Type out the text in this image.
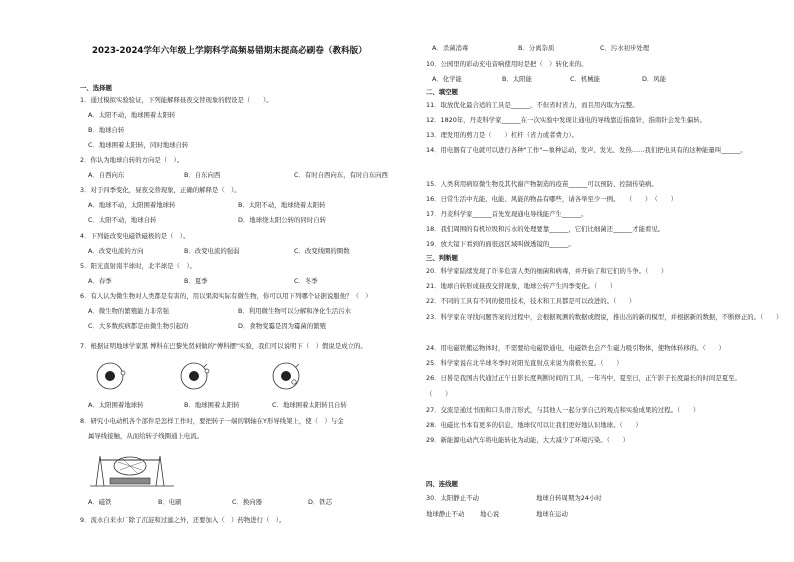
2023-2024学年六年级上学期科学高频易错期末提高必刷卷（教科版）
一、选择题
1．通过模拟实验验证，下列能解释昼夜交替现象的假设是（　　）。
A．太阳不动，地球围着太阳转
B．地球自转
C．地球围着太阳转，同时地球自转
2．你认为地球自转的方向是（　）。
A．自西向东	B．自东向西	C．有时自西向东，有时自东向西
3．对于四季变化，昼夜交替现象，正确的解释是（　）。
A．地球不动，太阳围着地球转	B．太阳不动，地球绕着太阳转
C．太阳不动，地球自转	D．地球绕太阳公转的同时自转
4．下列能改变电磁铁磁极的是（　）。
A．改变电流的方向	B．改变电流的强弱	C．改变线圈的圈数
5．阳光直射南半球时，北半球是（　）。
A．春季	B．夏季	C．冬季
6．有人认为微生物对人类都是有害的，用以果渴实际有微生物，你可以用下列哪个证据说服他？（　）
A．微生物的繁殖能力非常强	B．利用微生物可以分解和净化生活污水
C．大多数疾病都是由微生物引起的	D．食物变霉是因为霉菌的繁殖
7．根据证明地球学家黑 博科在巴黎先贤祠做的"傅科摆"实验，我们可以说明下（　）假说是成立的。
A．太阳围着地球转	B．地球围着太阳转	C．地球围着太阳转且自转
8．研究小电动机各个部件是怎样工作时，要把转子一端的钢轴在Y形导线架上，使（　）与金
属导线接触，从而给转子线圈通上电流。
A．磁铁	B．电刷	C．换向器	D．铁芯
9．流水自来水厂除了沉淀和过滤之外，还要加入（　）药物进行（　）。
A．杀菌消毒	B．分离杂质	C．污水初步处理
10．公园里的彩动充电音响使用时是把（　）转化来的。
A．化学能	B．太阳能	C．机械能	D．风能
二、填空题
11．取放优化最合适的工具是______，不但省时省力，而且用内取为完整。
12．1820年，丹麦科学家______在一次实验中发现让通电的导线靠近指南针，指南针会发生偏转。
13．理发用的剪刀是（　　）杠杆（省力或者费力）。
14．用电器有了电就可以进行各种"工作"—象种运动、发声、发光、发热……我们把电具有的这种能量叫______。
15．人类利用病原微生物及其代谢产物制造的疫苗______可以预防、控制传染病。
16．日常生活中光能、电能、风能的物品有哪些，请各举至少一例。　　（　　）　（　　）
17．丹麦科学家______首先发现通电导线能产生______。
18．我们周围的有机垃圾和污水的处理要靠______，它们比细菌还______才能看见。
19．放大镜下看到的面很远区域叫做透镜的______。
三、判断题
20．科学家陆续发现了许多危害人类的细菌和病毒，并开始了和它们的斗争。（　　）
21．地球自转形成昼夜交替现象，地球公转产生四季变化。（　　）
22．不同的工具有不同的使用技术，技术和工具都是可以改进的。（　　）
23．科学家在寻找问题答案的过程中，会根据观测的数据或假说，推出出的新的模型，并根据新的数据，不断修正的。（　　）
24．用电磁铁搬运物体时，不需要给电磁铁通电，电磁铁也会产生磁力吸引物体，使物体转移的。（　　）
25．科学家说在北半球冬季时对阳光直射点来说为南极长夏。（　　）
26．日晷是我国古代通过正午日影长度判断时间的工具，一年当中，夏至日，正午影子长度最长的时间是夏至。
（　　）
27．交流是通过书面和口头语言形式，与其他人一起分享自己的观点和实验成果的过程。（　　）
28．电磁比书本有更多的信息，地球仪可以让我们更好地认识地球。（　　）
29．新能源电动汽车将电能转化为动能，大大减少了环境污染。（　　）
四、连线题
30．太阳静止不动	地球自转周期为24小时
地球静止不动 地心说	地球在运动
